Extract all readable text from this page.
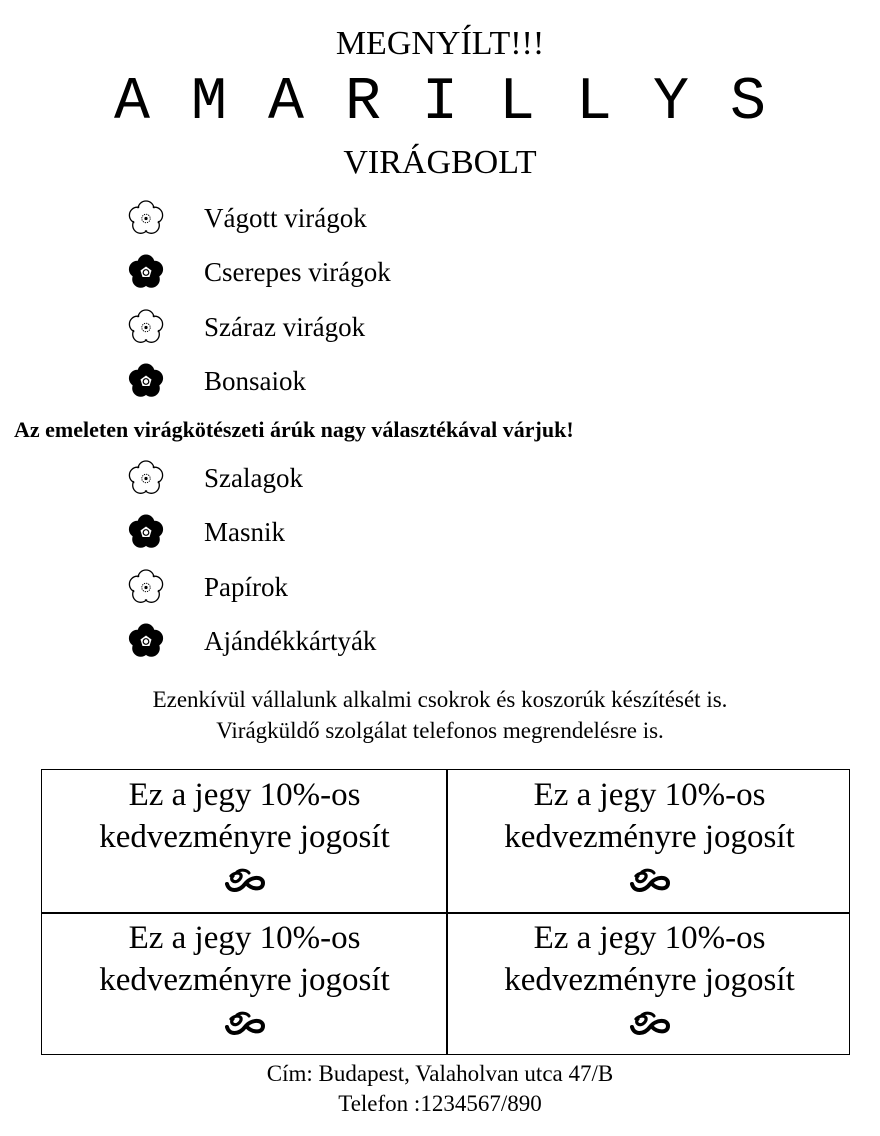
MEGNYÍLT!!!
AMARILLYS
VIRÁGBOLT
Vágott virágok
Cserepes virágok
Száraz virágok
Bonsaiok
Az emeleten virágkötészeti árúk nagy választékával várjuk!
Szalagok
Masnik
Papírok
Ajándékkártyák
Ezenkívül vállalunk alkalmi csokrok és koszorúk készítését is.
Virágküldő szolgálat telefonos megrendelésre is.
Ez a jegy 10%-os
kedvezményre jogosít
Ez a jegy 10%-os
kedvezményre jogosít
Ez a jegy 10%-os
kedvezményre jogosít
Ez a jegy 10%-os
kedvezményre jogosít
Cím: Budapest, Valaholvan utca 47/B
Telefon :1234567/890
